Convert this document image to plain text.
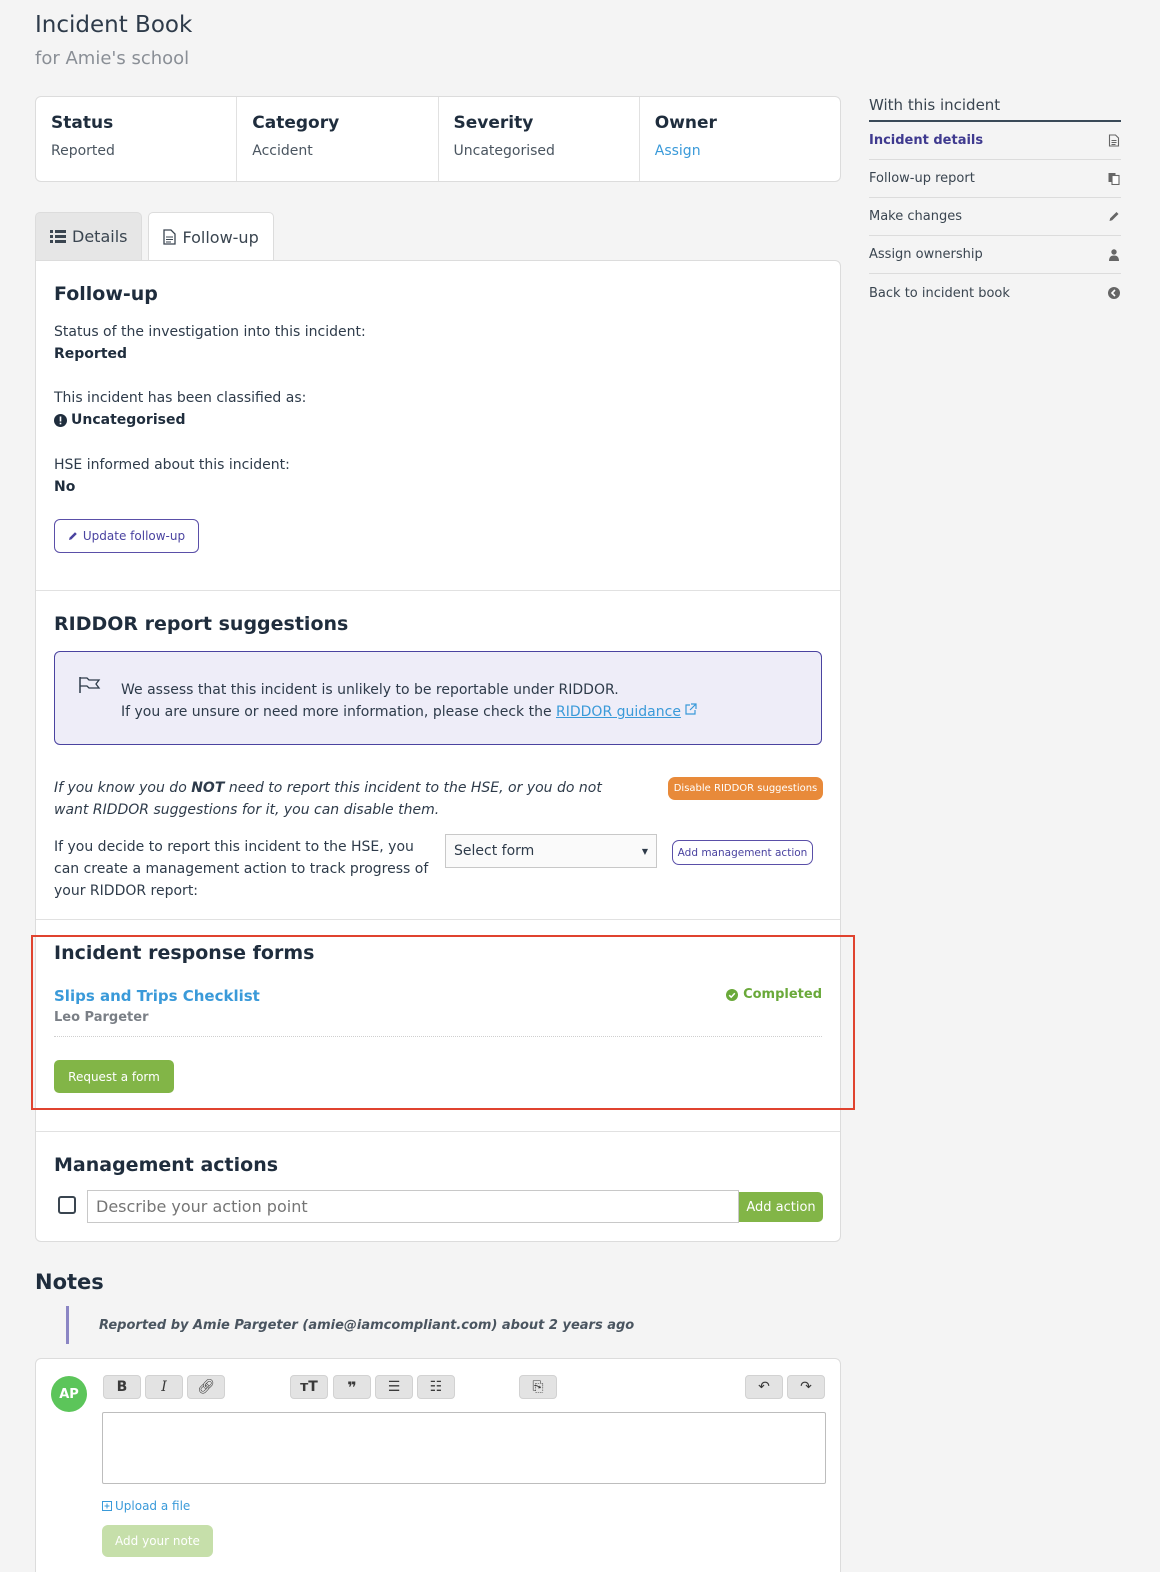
Incident Book
for Amie's school
Status
Reported
Category
Accident
Severity
Uncategorised
Owner
Assign
Details	Follow-up
Follow-up
Status of the investigation into this incident:
Reported
This incident has been classified as:
Uncategorised
HSE informed about this incident:
No
Update follow-up
RIDDOR report suggestions
We assess that this incident is unlikely to be reportable under RIDDOR.
If you are unsure or need more information, please check the RIDDOR guidance
If you know you do NOT need to report this incident to the HSE, or you do not want RIDDOR suggestions for it, you can disable them.
Disable RIDDOR suggestions
If you decide to report this incident to the HSE, you can create a management action to track progress of your RIDDOR report:
Select form	▼	Add management action
Incident response forms
Slips and Trips Checklist
Leo Pargeter
Completed
Request a form
Management actions
Describe your action point
Add action
With this incident
Incident details
Follow-up report
Make changes
Assign ownership
Back to incident book
Notes
Reported by Amie Pargeter (amie@iamcompliant.com) about 2 years ago
AP	B I 🔗︎	тT ❞ ☰ ☷	⎘	↶ ↷
Upload a file
Add your note
